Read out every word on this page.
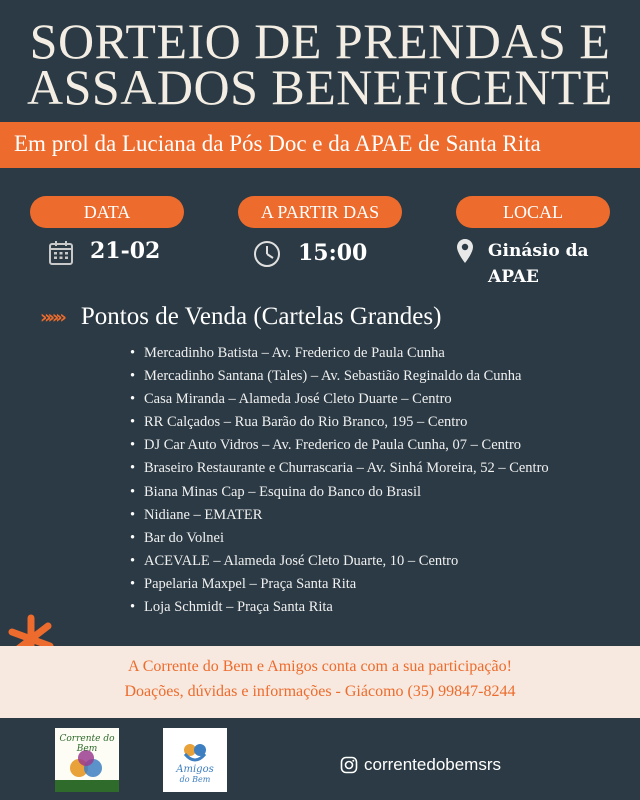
SORTEIO DE PRENDAS E
ASSADOS BENEFICENTE
Em prol da Luciana da Pós Doc e da APAE de Santa Rita
DATA	A PARTIR DAS	LOCAL
21-02	15:00	Ginásio da APAE
»»» Pontos de Venda (Cartelas Grandes)
• Mercadinho Batista – Av. Frederico de Paula Cunha
• Mercadinho Santana (Tales) – Av. Sebastião Reginaldo da Cunha
• Casa Miranda – Alameda José Cleto Duarte – Centro
• RR Calçados – Rua Barão do Rio Branco, 195 – Centro
• DJ Car Auto Vidros – Av. Frederico de Paula Cunha, 07 – Centro
• Braseiro Restaurante e Churrascaria – Av. Sinhá Moreira, 52 – Centro
• Biana Minas Cap – Esquina do Banco do Brasil
• Nidiane – EMATER
• Bar do Volnei
• ACEVALE – Alameda José Cleto Duarte, 10 – Centro
• Papelaria Maxpel – Praça Santa Rita
• Loja Schmidt – Praça Santa Rita
A Corrente do Bem e Amigos conta com a sua participação!
Doações, dúvidas e informações - Giácomo (35) 99847-8244
Corrente do
Bem
Amigos
do Bem
correntedobemsrs
